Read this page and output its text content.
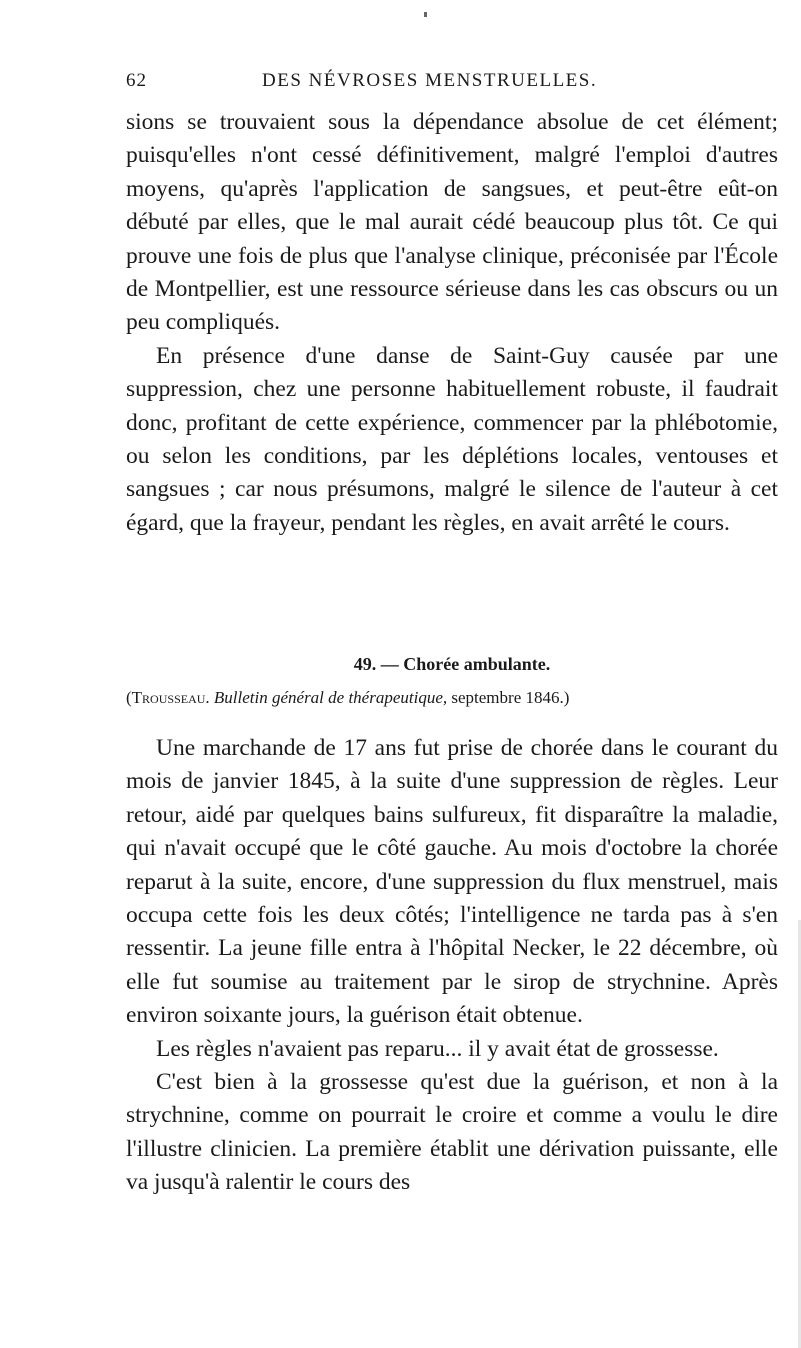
62	DES NÉVROSES MENSTRUELLES.

sions se trouvaient sous la dépendance absolue de cet élément; puisqu'elles n'ont cessé définitivement, malgré l'emploi d'autres moyens, qu'après l'application de sangsues, et peut-être eût-on débuté par elles, que le mal aurait cédé beaucoup plus tôt. Ce qui prouve une fois de plus que l'analyse clinique, préconisée par l'École de Montpellier, est une ressource sérieuse dans les cas obscurs ou un peu compliqués.

En présence d'une danse de Saint-Guy causée par une suppression, chez une personne habituellement robuste, il faudrait donc, profitant de cette expérience, commencer par la phlébotomie, ou selon les conditions, par les déplétions locales, ventouses et sangsues ; car nous présumons, malgré le silence de l'auteur à cet égard, que la frayeur, pendant les règles, en avait arrêté le cours.

49. — Chorée ambulante.
(Trousseau. Bulletin général de thérapeutique, septembre 1846.)

Une marchande de 17 ans fut prise de chorée dans le courant du mois de janvier 1845, à la suite d'une suppression de règles. Leur retour, aidé par quelques bains sulfureux, fit disparaître la maladie, qui n'avait occupé que le côté gauche. Au mois d'octobre la chorée reparut à la suite, encore, d'une suppression du flux menstruel, mais occupa cette fois les deux côtés; l'intelligence ne tarda pas à s'en ressentir. La jeune fille entra à l'hôpital Necker, le 22 décembre, où elle fut soumise au traitement par le sirop de strychnine. Après environ soixante jours, la guérison était obtenue.

Les règles n'avaient pas reparu... il y avait état de grossesse.

C'est bien à la grossesse qu'est due la guérison, et non à la strychnine, comme on pourrait le croire et comme a voulu le dire l'illustre clinicien. La première établit une dérivation puissante, elle va jusqu'à ralentir le cours des
